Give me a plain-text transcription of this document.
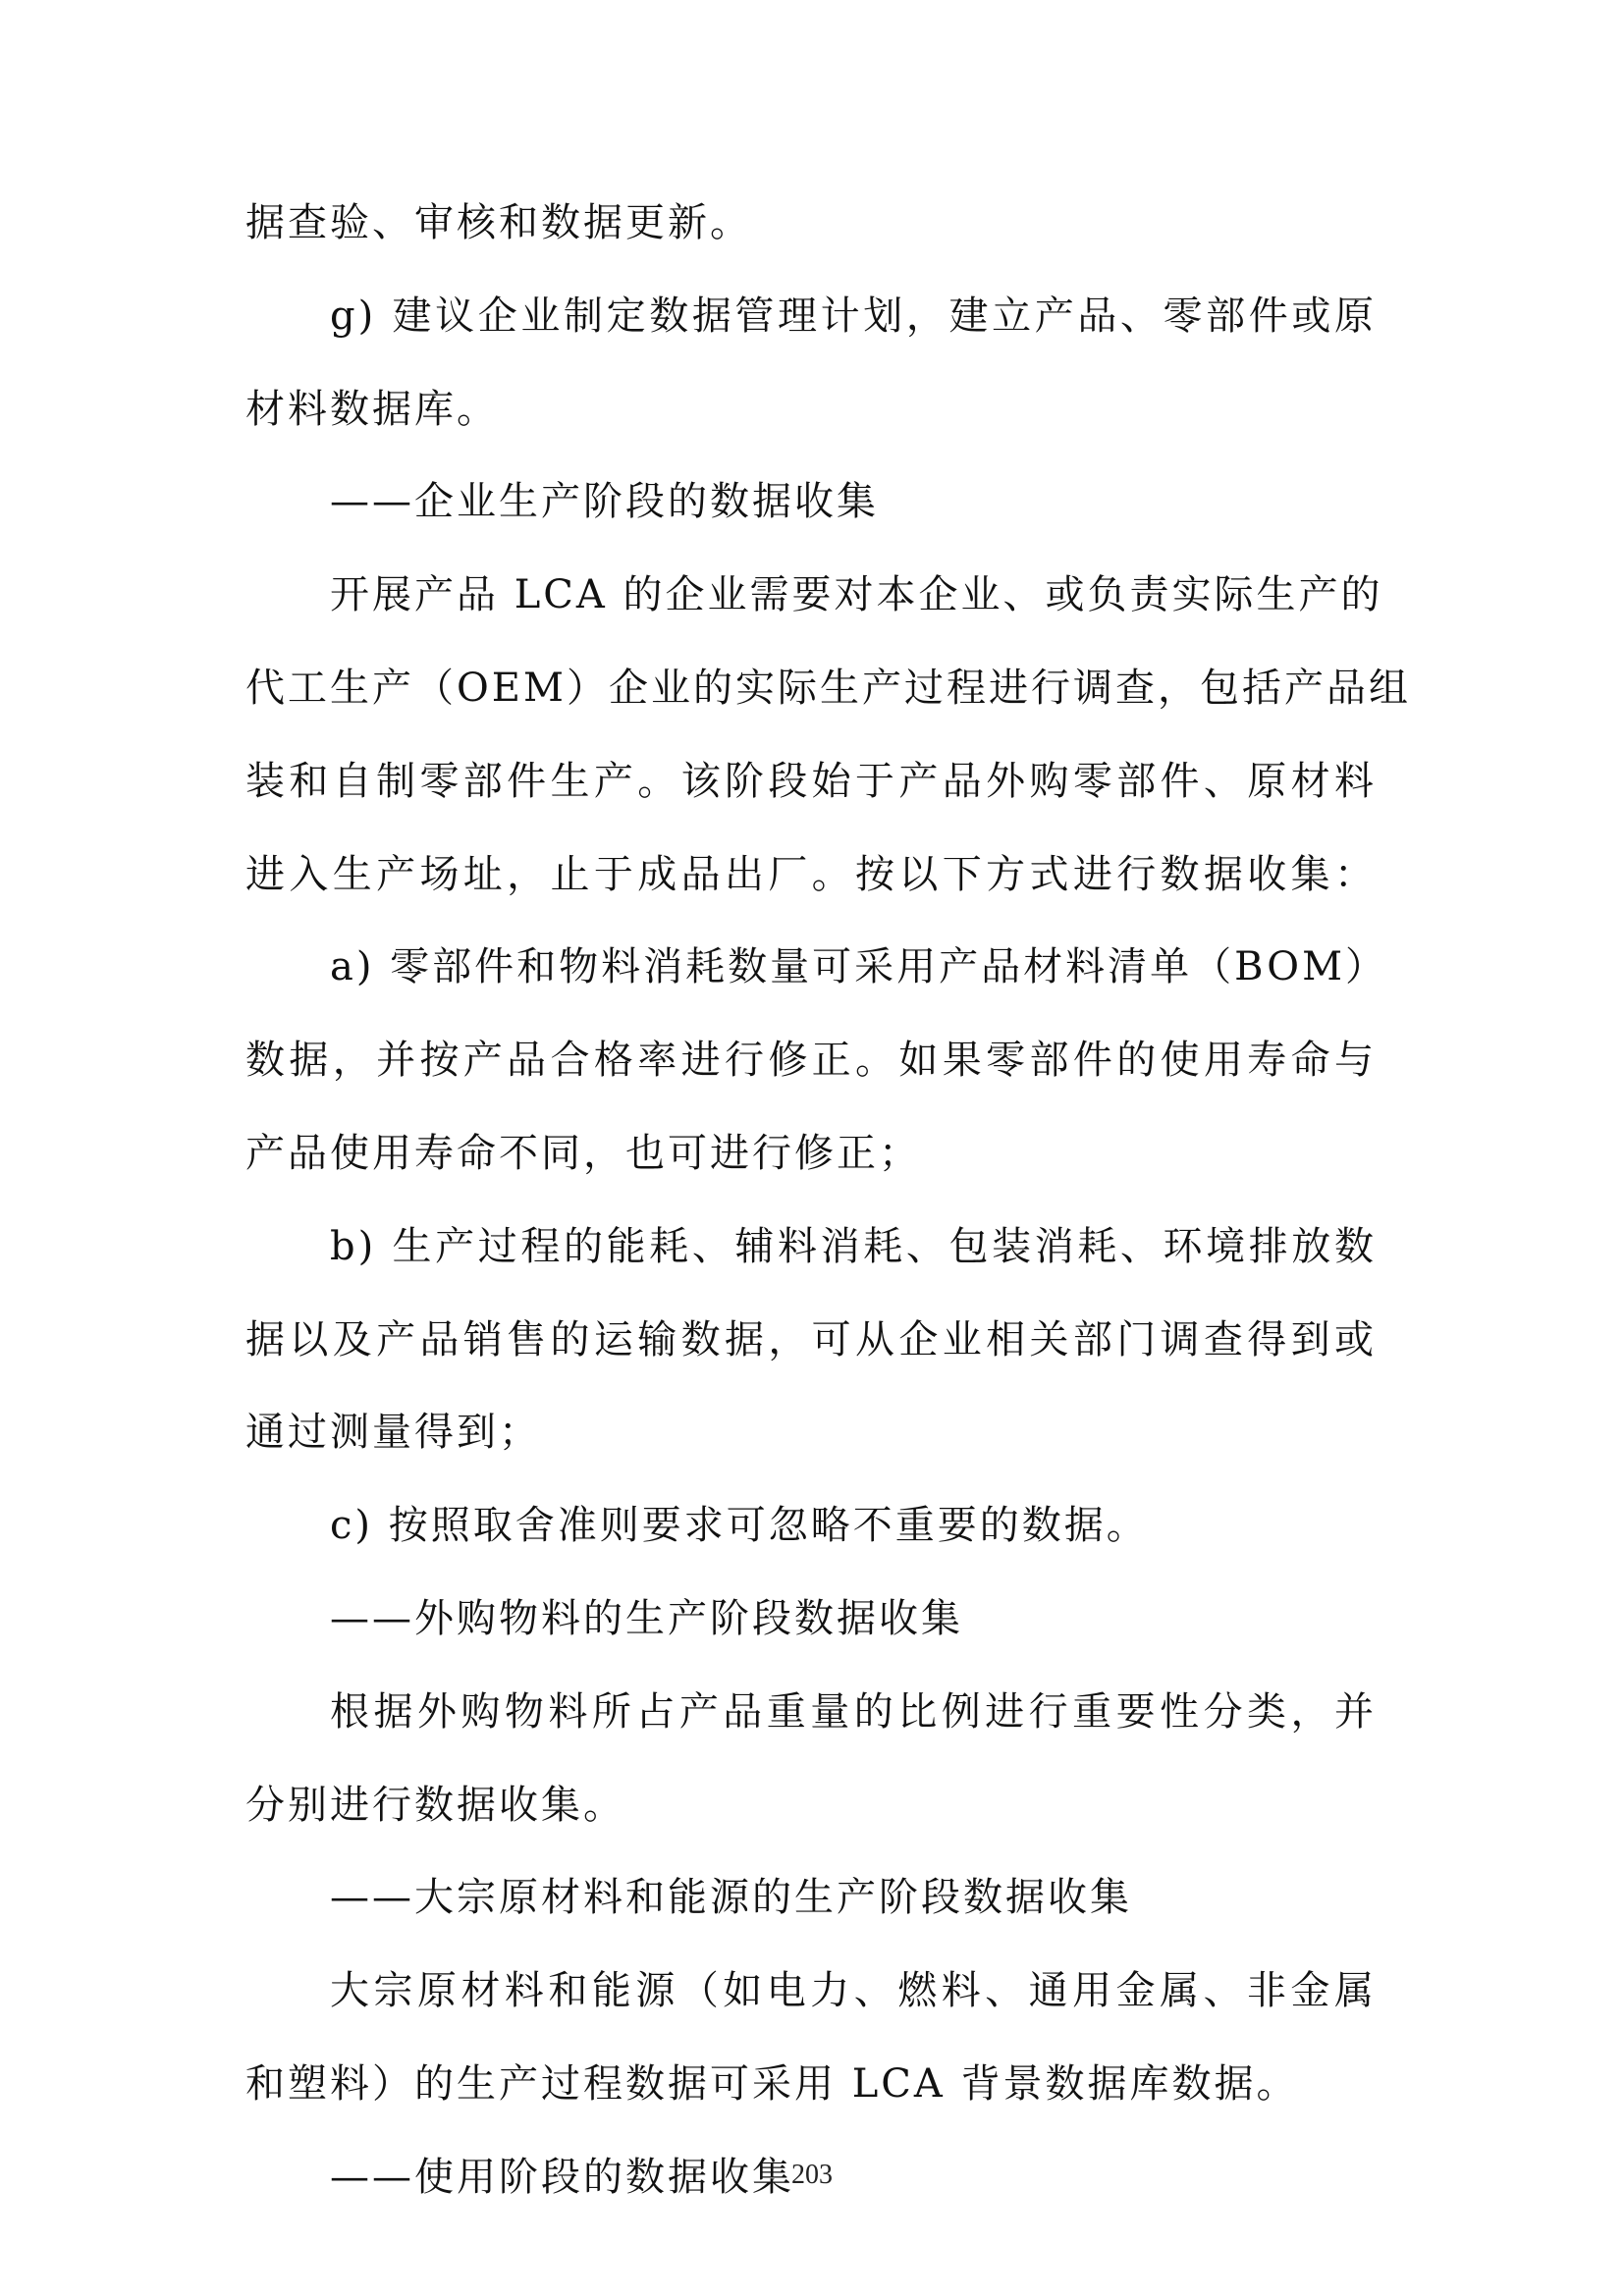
据查验、审核和数据更新。
g) 建议企业制定数据管理计划，建立产品、零部件或原
材料数据库。
——企业生产阶段的数据收集
开展产品 LCA 的企业需要对本企业、或负责实际生产的
代工生产（OEM）企业的实际生产过程进行调查，包括产品组
装和自制零部件生产。该阶段始于产品外购零部件、原材料
进入生产场址，止于成品出厂。按以下方式进行数据收集：
a) 零部件和物料消耗数量可采用产品材料清单（BOM）
数据，并按产品合格率进行修正。如果零部件的使用寿命与
产品使用寿命不同，也可进行修正；
b) 生产过程的能耗、辅料消耗、包装消耗、环境排放数
据以及产品销售的运输数据，可从企业相关部门调查得到或
通过测量得到；
c) 按照取舍准则要求可忽略不重要的数据。
——外购物料的生产阶段数据收集
根据外购物料所占产品重量的比例进行重要性分类，并
分别进行数据收集。
——大宗原材料和能源的生产阶段数据收集
大宗原材料和能源（如电力、燃料、通用金属、非金属
和塑料）的生产过程数据可采用 LCA 背景数据库数据。
——使用阶段的数据收集
203
